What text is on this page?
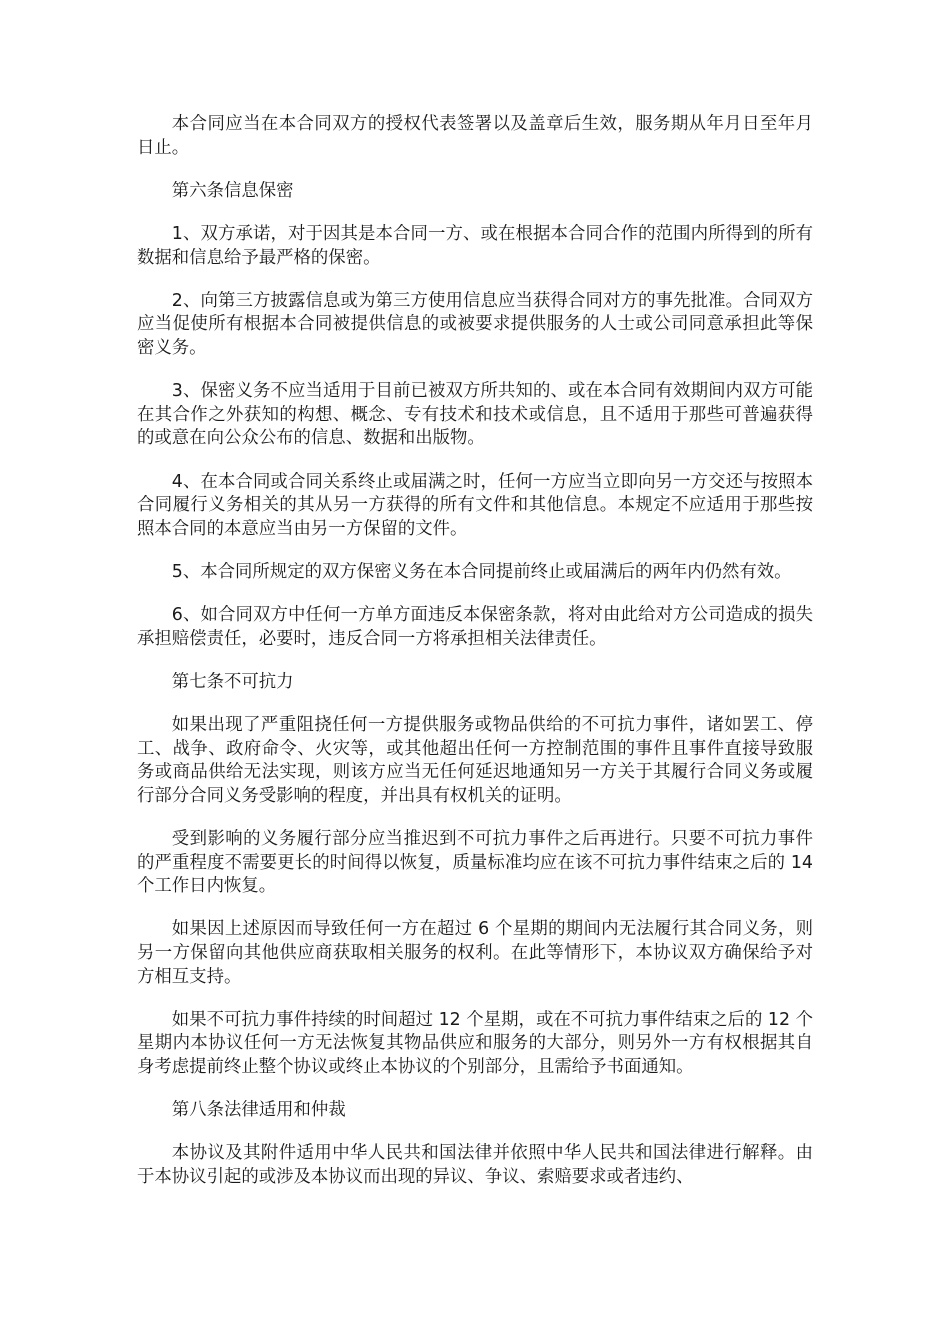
本合同应当在本合同双方的授权代表签署以及盖章后生效，服务期从年月日至年月日止。

第六条信息保密

1、双方承诺，对于因其是本合同一方、或在根据本合同合作的范围内所得到的所有数据和信息给予最严格的保密。

2、向第三方披露信息或为第三方使用信息应当获得合同对方的事先批准。合同双方应当促使所有根据本合同被提供信息的或被要求提供服务的人士或公司同意承担此等保密义务。

3、保密义务不应当适用于目前已被双方所共知的、或在本合同有效期间内双方可能在其合作之外获知的构想、概念、专有技术和技术或信息，且不适用于那些可普遍获得的或意在向公众公布的信息、数据和出版物。

4、在本合同或合同关系终止或届满之时，任何一方应当立即向另一方交还与按照本合同履行义务相关的其从另一方获得的所有文件和其他信息。本规定不应适用于那些按照本合同的本意应当由另一方保留的文件。

5、本合同所规定的双方保密义务在本合同提前终止或届满后的两年内仍然有效。

6、如合同双方中任何一方单方面违反本保密条款，将对由此给对方公司造成的损失承担赔偿责任，必要时，违反合同一方将承担相关法律责任。

第七条不可抗力

如果出现了严重阻挠任何一方提供服务或物品供给的不可抗力事件，诸如罢工、停工、战争、政府命令、火灾等，或其他超出任何一方控制范围的事件且事件直接导致服务或商品供给无法实现，则该方应当无任何延迟地通知另一方关于其履行合同义务或履行部分合同义务受影响的程度，并出具有权机关的证明。

受到影响的义务履行部分应当推迟到不可抗力事件之后再进行。只要不可抗力事件的严重程度不需要更长的时间得以恢复，质量标准均应在该不可抗力事件结束之后的 14 个工作日内恢复。

如果因上述原因而导致任何一方在超过 6 个星期的期间内无法履行其合同义务，则另一方保留向其他供应商获取相关服务的权利。在此等情形下，本协议双方确保给予对方相互支持。

如果不可抗力事件持续的时间超过 12 个星期，或在不可抗力事件结束之后的 12 个星期内本协议任何一方无法恢复其物品供应和服务的大部分，则另外一方有权根据其自身考虑提前终止整个协议或终止本协议的个别部分，且需给予书面通知。

第八条法律适用和仲裁

本协议及其附件适用中华人民共和国法律并依照中华人民共和国法律进行解释。由于本协议引起的或涉及本协议而出现的异议、争议、索赔要求或者违约、
